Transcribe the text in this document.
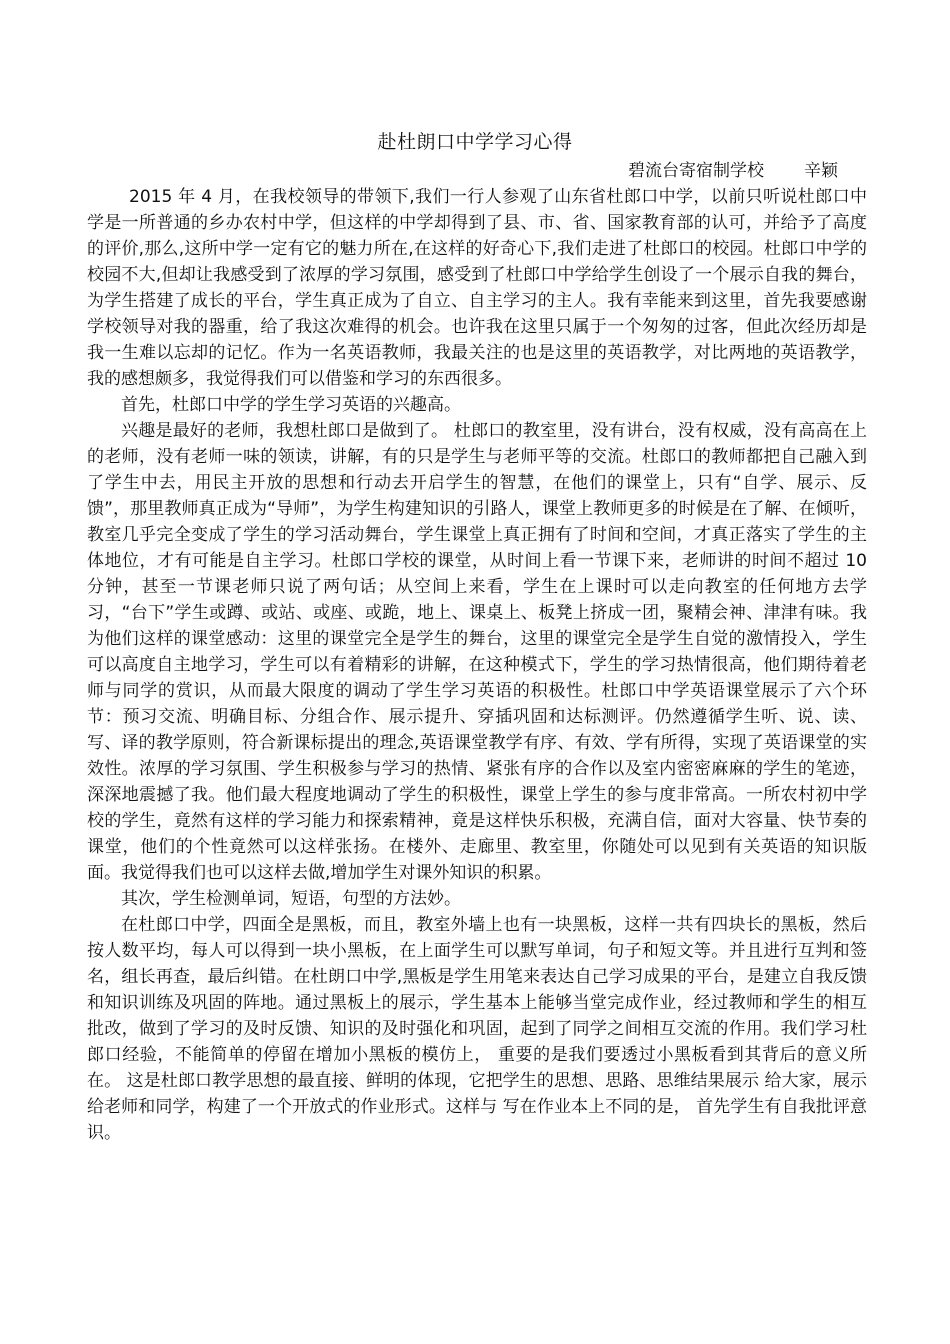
赴杜朗口中学学习心得
碧流台寄宿制学校 辛颖

2015 年 4 月，在我校领导的带领下,我们一行人参观了山东省杜郎口中学，以前只听说杜郎口中学是一所普通的乡办农村中学，但这样的中学却得到了县、市、省、国家教育部的认可，并给予了高度的评价,那么,这所中学一定有它的魅力所在,在这样的好奇心下,我们走进了杜郎口的校园。杜郎口中学的校园不大,但却让我感受到了浓厚的学习氛围，感受到了杜郎口中学给学生创设了一个展示自我的舞台，为学生搭建了成长的平台，学生真正成为了自立、自主学习的主人。我有幸能来到这里，首先我要感谢学校领导对我的器重，给了我这次难得的机会。也许我在这里只属于一个匆匆的过客，但此次经历却是我一生难以忘却的记忆。作为一名英语教师，我最关注的也是这里的英语教学，对比两地的英语教学，我的感想颇多，我觉得我们可以借鉴和学习的东西很多。

首先，杜郎口中学的学生学习英语的兴趣高。

兴趣是最好的老师，我想杜郎口是做到了。 杜郎口的教室里，没有讲台，没有权威，没有高高在上的老师，没有老师一味的领读，讲解，有的只是学生与老师平等的交流。杜郎口的教师都把自己融入到了学生中去，用民主开放的思想和行动去开启学生的智慧，在他们的课堂上，只有“自学、展示、反馈”，那里教师真正成为“导师”，为学生构建知识的引路人，课堂上教师更多的时候是在了解、在倾听，教室几乎完全变成了学生的学习活动舞台，学生课堂上真正拥有了时间和空间，才真正落实了学生的主体地位，才有可能是自主学习。杜郎口学校的课堂，从时间上看一节课下来，老师讲的时间不超过 10 分钟，甚至一节课老师只说了两句话；从空间上来看，学生在上课时可以走向教室的任何地方去学习，“台下”学生或蹲、或站、或座、或跪，地上、课桌上、板凳上挤成一团，聚精会神、津津有味。我为他们这样的课堂感动：这里的课堂完全是学生的舞台，这里的课堂完全是学生自觉的激情投入，学生可以高度自主地学习，学生可以有着精彩的讲解，在这种模式下，学生的学习热情很高，他们期待着老师与同学的赏识，从而最大限度的调动了学生学习英语的积极性。杜郎口中学英语课堂展示了六个环节：预习交流、明确目标、分组合作、展示提升、穿插巩固和达标测评。仍然遵循学生听、说、读、写、译的教学原则，符合新课标提出的理念,英语课堂教学有序、有效、学有所得，实现了英语课堂的实效性。浓厚的学习氛围、学生积极参与学习的热情、紧张有序的合作以及室内密密麻麻的学生的笔迹，深深地震撼了我。他们最大程度地调动了学生的积极性，课堂上学生的参与度非常高。一所农村初中学校的学生，竟然有这样的学习能力和探索精神，竟是这样快乐积极，充满自信，面对大容量、快节奏的课堂，他们的个性竟然可以这样张扬。在楼外、走廊里、教室里，你随处可以见到有关英语的知识版面。我觉得我们也可以这样去做,增加学生对课外知识的积累。

其次，学生检测单词，短语，句型的方法妙。

在杜郎口中学，四面全是黑板，而且，教室外墙上也有一块黑板，这样一共有四块长的黑板，然后按人数平均，每人可以得到一块小黑板，在上面学生可以默写单词，句子和短文等。并且进行互判和签名，组长再查，最后纠错。在杜朗口中学,黑板是学生用笔来表达自己学习成果的平台，是建立自我反馈和知识训练及巩固的阵地。通过黑板上的展示，学生基本上能够当堂完成作业，经过教师和学生的相互批改，做到了学习的及时反馈、知识的及时强化和巩固，起到了同学之间相互交流的作用。我们学习杜郎口经验，不能简单的停留在增加小黑板的模仿上， 重要的是我们要透过小黑板看到其背后的意义所在。 这是杜郎口教学思想的最直接、鲜明的体现，它把学生的思想、思路、思维结果展示 给大家，展示给老师和同学，构建了一个开放式的作业形式。这样与 写在作业本上不同的是， 首先学生有自我批评意识。
